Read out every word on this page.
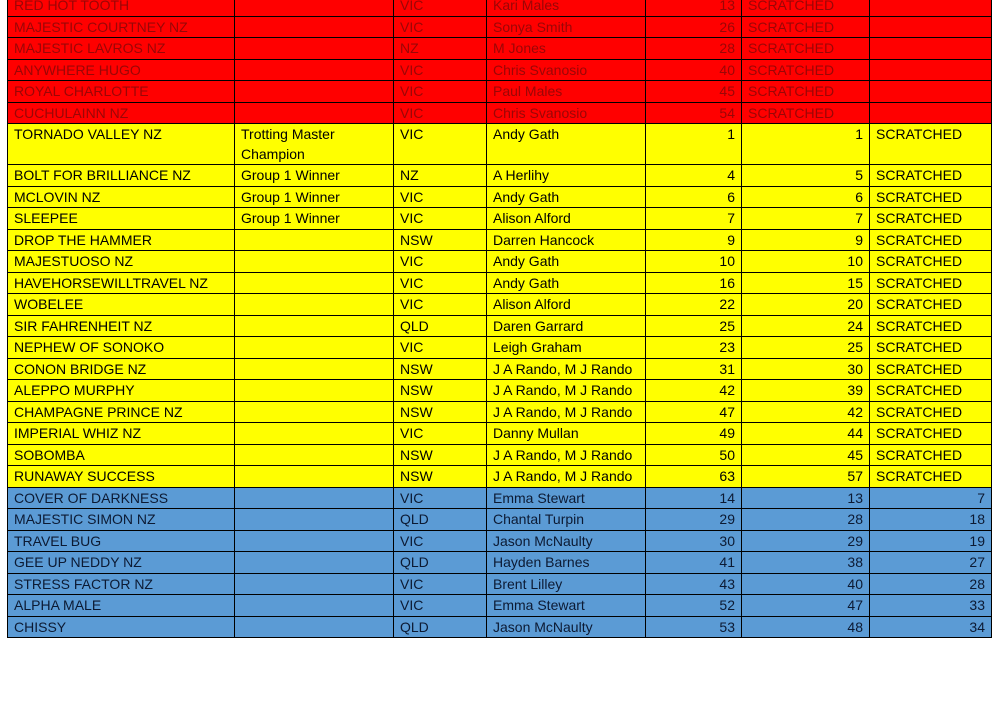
RED HOT TOOTH		VIC	Kari Males	13	SCRATCHED	
MAJESTIC COURTNEY NZ		VIC	Sonya Smith	26	SCRATCHED	
MAJESTIC LAVROS NZ		NZ	M Jones	28	SCRATCHED	
ANYWHERE HUGO		VIC	Chris Svanosio	40	SCRATCHED	
ROYAL CHARLOTTE		VIC	Paul Males	45	SCRATCHED	
CUCHULAINN NZ		VIC	Chris Svanosio	54	SCRATCHED	
TORNADO VALLEY NZ	Trotting Master Champion	VIC	Andy Gath	1	1	SCRATCHED
BOLT FOR BRILLIANCE NZ	Group 1 Winner	NZ	A Herlihy	4	5	SCRATCHED
MCLOVIN NZ	Group 1 Winner	VIC	Andy Gath	6	6	SCRATCHED
SLEEPEE	Group 1 Winner	VIC	Alison Alford	7	7	SCRATCHED
DROP THE HAMMER		NSW	Darren Hancock	9	9	SCRATCHED
MAJESTUOSO NZ		VIC	Andy Gath	10	10	SCRATCHED
HAVEHORSEWILLTRAVEL NZ		VIC	Andy Gath	16	15	SCRATCHED
WOBELEE		VIC	Alison Alford	22	20	SCRATCHED
SIR FAHRENHEIT NZ		QLD	Daren Garrard	25	24	SCRATCHED
NEPHEW OF SONOKO		VIC	Leigh Graham	23	25	SCRATCHED
CONON BRIDGE NZ		NSW	J A Rando, M J Rando	31	30	SCRATCHED
ALEPPO MURPHY		NSW	J A Rando, M J Rando	42	39	SCRATCHED
CHAMPAGNE PRINCE NZ		NSW	J A Rando, M J Rando	47	42	SCRATCHED
IMPERIAL WHIZ NZ		VIC	Danny Mullan	49	44	SCRATCHED
SOBOMBA		NSW	J A Rando, M J Rando	50	45	SCRATCHED
RUNAWAY SUCCESS		NSW	J A Rando, M J Rando	63	57	SCRATCHED
COVER OF DARKNESS		VIC	Emma Stewart	14	13	7
MAJESTIC SIMON NZ		QLD	Chantal Turpin	29	28	18
TRAVEL BUG		VIC	Jason McNaulty	30	29	19
GEE UP NEDDY NZ		QLD	Hayden Barnes	41	38	27
STRESS FACTOR NZ		VIC	Brent Lilley	43	40	28
ALPHA MALE		VIC	Emma Stewart	52	47	33
CHISSY		QLD	Jason McNaulty	53	48	34
